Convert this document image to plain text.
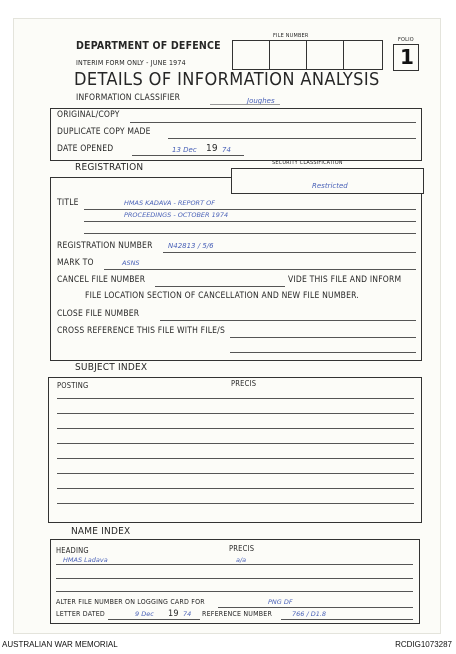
DEPARTMENT OF DEFENCE
INTERIM FORM ONLY - JUNE 1974
DETAILS OF INFORMATION ANALYSIS
INFORMATION CLASSIFIER	Joughes
FILE NUMBER
FOLIO
1
ORIGINAL/COPY
DUPLICATE COPY MADE
DATE OPENED	13 Dec 19 74
REGISTRATION	SECURITY CLASSIFICATION
Restricted
TITLE	HMAS KADAVA - REPORT OF
PROCEEDINGS - OCTOBER 1974
REGISTRATION NUMBER N42813 / 5/6
MARK TO	ASNS
CANCEL FILE NUMBER	VIDE THIS FILE AND INFORM
FILE LOCATION SECTION OF CANCELLATION AND NEW FILE NUMBER.
CLOSE FILE NUMBER
CROSS REFERENCE THIS FILE WITH FILE/S
SUBJECT INDEX
POSTING	PRECIS
NAME INDEX
HEADING	PRECIS
HMAS Ladava	a/a
ALTER FILE NUMBER ON LOGGING CARD FOR	PNG DF
LETTER DATED	9 Dec 19 74 REFERENCE NUMBER	766 / D1.8
AUSTRALIAN WAR MEMORIAL	RCDIG1073287
